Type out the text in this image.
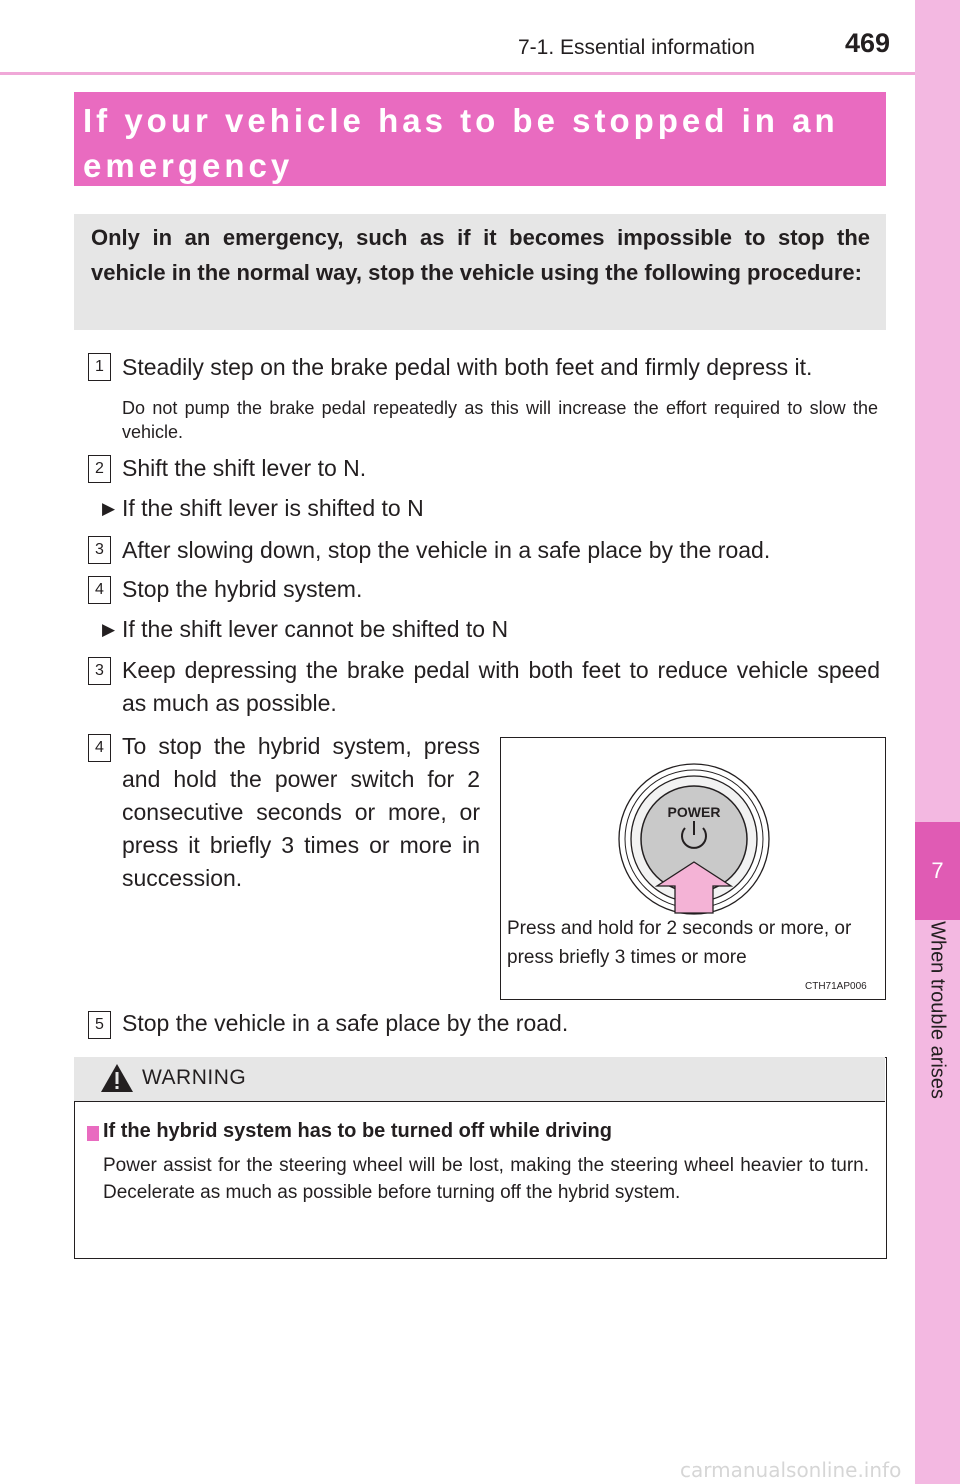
7-1. Essential information	469
7
When trouble arises
If your vehicle has to be stopped in an emergency
Only in an emergency, such as if it becomes impossible to stop the vehicle in the normal way, stop the vehicle using the following procedure:
1 Steadily step on the brake pedal with both feet and firmly depress it.
Do not pump the brake pedal repeatedly as this will increase the effort required to slow the vehicle.
2 Shift the shift lever to N.
▶ If the shift lever is shifted to N
3 After slowing down, stop the vehicle in a safe place by the road.
4 Stop the hybrid system.
▶ If the shift lever cannot be shifted to N
3 Keep depressing the brake pedal with both feet to reduce vehicle speed as much as possible.
4 To stop the hybrid system, press and hold the power switch for 2 consecutive seconds or more, or press it briefly 3 times or more in succession.
POWER
Press and hold for 2 seconds or more, or press briefly 3 times or more
CTH71AP006
5 Stop the vehicle in a safe place by the road.
WARNING
If the hybrid system has to be turned off while driving
Power assist for the steering wheel will be lost, making the steering wheel heavier to turn. Decelerate as much as possible before turning off the hybrid system.
carmanualsonline.info
